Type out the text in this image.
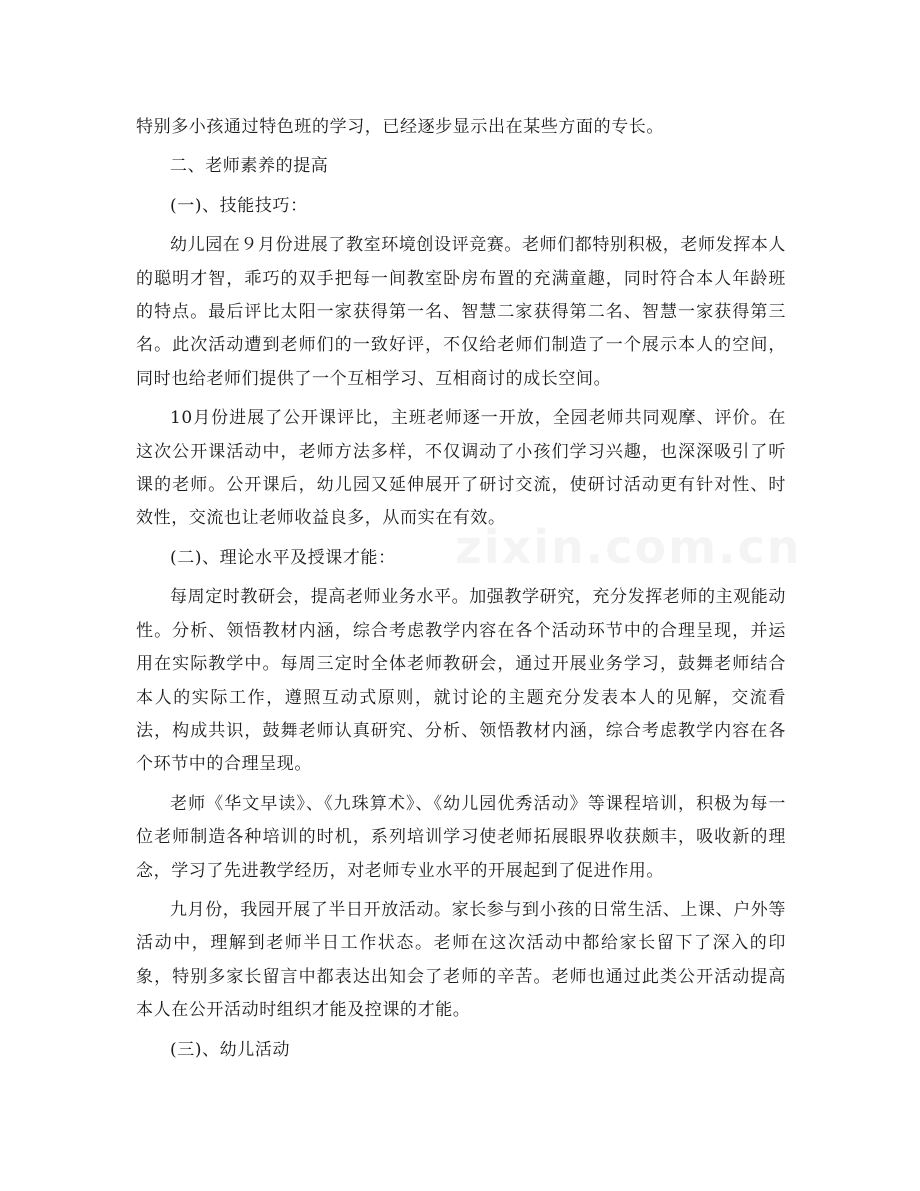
特别多小孩通过特色班的学习，已经逐步显示出在某些方面的专长。

二、老师素养的提高

(一)、技能技巧：

幼儿园在９月份进展了教室环境创设评竞赛。老师们都特别积极，老师发挥本人的聪明才智，乖巧的双手把每一间教室卧房布置的充满童趣，同时符合本人年龄班的特点。最后评比太阳一家获得第一名、智慧二家获得第二名、智慧一家获得第三名。此次活动遭到老师们的一致好评，不仅给老师们制造了一个展示本人的空间，同时也给老师们提供了一个互相学习、互相商讨的成长空间。

10月份进展了公开课评比，主班老师逐一开放，全园老师共同观摩、评价。在这次公开课活动中，老师方法多样，不仅调动了小孩们学习兴趣，也深深吸引了听课的老师。公开课后，幼儿园又延伸展开了研讨交流，使研讨活动更有针对性、时效性，交流也让老师收益良多，从而实在有效。

(二)、理论水平及授课才能：

每周定时教研会，提高老师业务水平。加强教学研究，充分发挥老师的主观能动性。分析、领悟教材内涵，综合考虑教学内容在各个活动环节中的合理呈现，并运用在实际教学中。每周三定时全体老师教研会，通过开展业务学习，鼓舞老师结合本人的实际工作，遵照互动式原则，就讨论的主题充分发表本人的见解，交流看法，构成共识，鼓舞老师认真研究、分析、领悟教材内涵，综合考虑教学内容在各个环节中的合理呈现。

老师《华文早读》、《九珠算术》、《幼儿园优秀活动》等课程培训，积极为每一位老师制造各种培训的时机，系列培训学习使老师拓展眼界收获颇丰，吸收新的理念，学习了先进教学经历，对老师专业水平的开展起到了促进作用。

九月份，我园开展了半日开放活动。家长参与到小孩的日常生活、上课、户外等活动中，理解到老师半日工作状态。老师在这次活动中都给家长留下了深入的印象，特别多家长留言中都表达出知会了老师的辛苦。老师也通过此类公开活动提高本人在公开活动时组织才能及控课的才能。

(三)、幼儿活动
